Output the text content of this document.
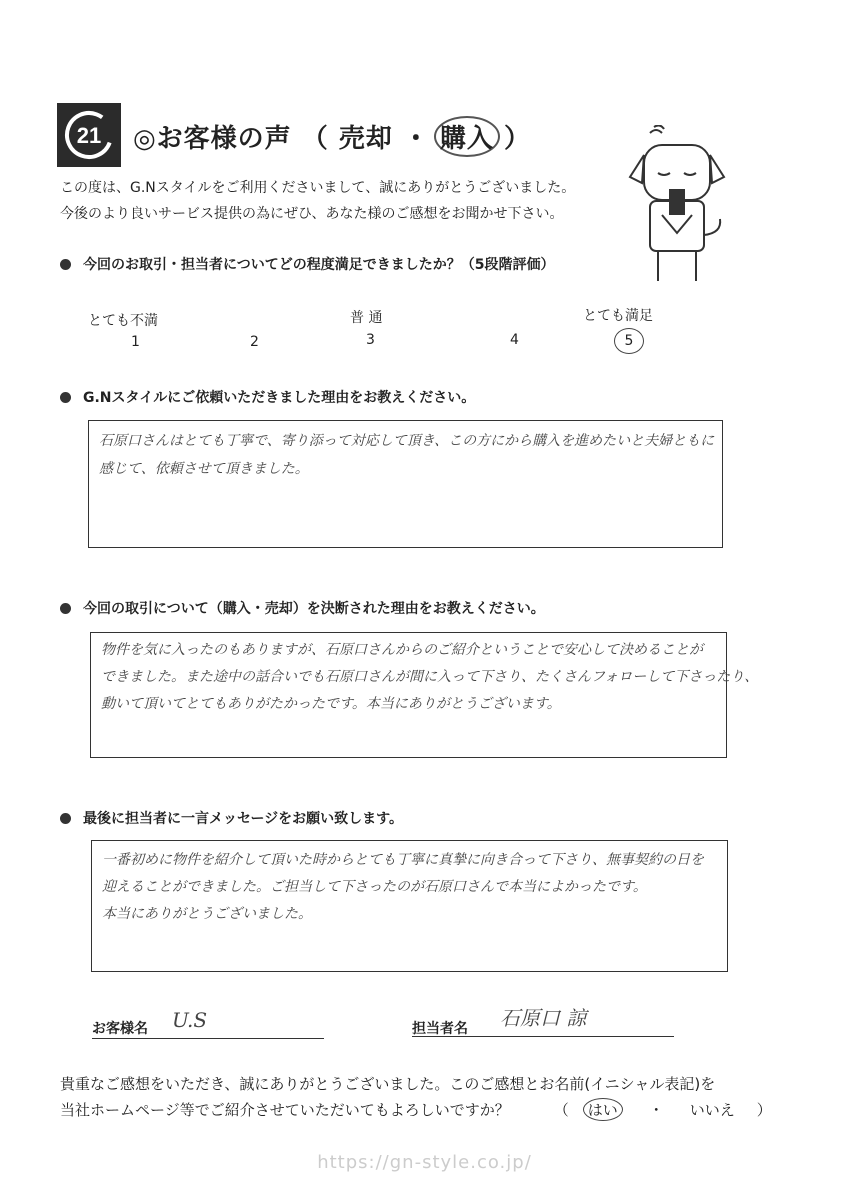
21 ◎お客様の声 （ 売却 ・ 購入 ）
この度は、G.Nスタイルをご利用くださいまして、誠にありがとうございました。
今後のより良いサービス提供の為にぜひ、あなた様のご感想をお聞かせ下さい。
今回のお取引・担当者についてどの程度満足できましたか？（5段階評価）
とても不満	普 通	とても満足
1	2	3	4	5
G.Nスタイルにご依頼いただきました理由をお教えください。
石原口さんはとても丁寧で、寄り添って対応して頂き、この方にから購入を進めたいと夫婦ともに
感じて、依頼させて頂きました。
今回の取引について（購入・売却）を決断された理由をお教えください。
物件を気に入ったのもありますが、石原口さんからのご紹介ということで安心して決めることが
できました。また途中の話合いでも石原口さんが間に入って下さり、たくさんフォローして下さったり、
動いて頂いてとてもありがたかったです。本当にありがとうございます。
最後に担当者に一言メッセージをお願い致します。
一番初めに物件を紹介して頂いた時からとても丁寧に真摯に向き合って下さり、無事契約の日を
迎えることができました。ご担当して下さったのが石原口さんで本当によかったです。
本当にありがとうございました。
お客様名 U.S	担当者名 石原口 諒
貴重なご感想をいただき、誠にありがとうございました。このご感想とお名前(イニシャル表記)を
当社ホームページ等でご紹介させていただいてもよろしいですか？	（	はい	・ いいえ ）
https://gn-style.co.jp/
